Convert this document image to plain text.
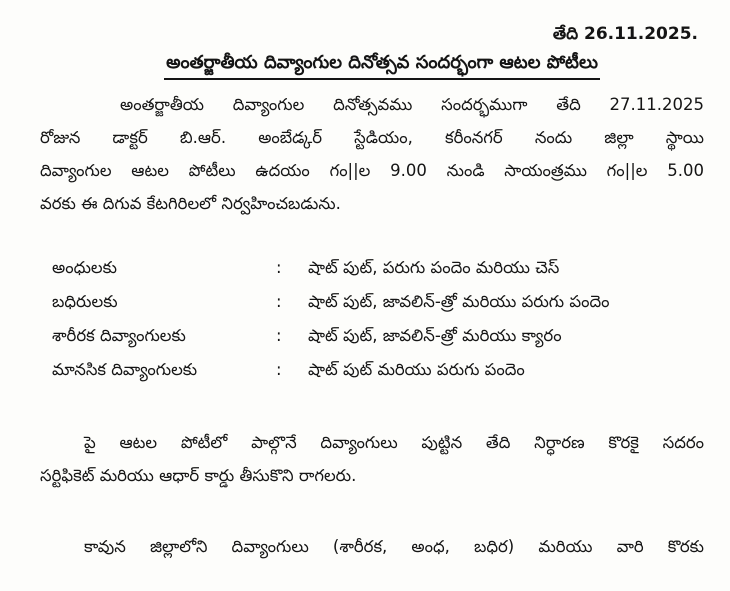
తేది 26.11.2025.
అంతర్జాతీయ దివ్యాంగుల దినోత్సవ సందర్భంగా ఆటల పోటీలు
అంతర్జాతీయ దివ్యాంగుల దినోత్సవము సందర్భముగా తేది 27.11.2025
రోజున డాక్టర్ బి.ఆర్. అంబేడ్కర్ స్టేడియం, కరీంనగర్ నందు జిల్లా స్థాయి
దివ్యాంగుల ఆటల పోటీలు ఉదయం గం||ల 9.00 నుండి సాయంత్రము గం||ల 5.00
వరకు ఈ దిగువ కేటగిరిలలో నిర్వహించబడును.
అంధులకు	: షాట్ పుట్, పరుగు పందెం మరియు చెస్
బధిరులకు	: షాట్ పుట్, జావలిన్-త్రో మరియు పరుగు పందెం
శారీరక దివ్యాంగులకు	: షాట్ పుట్, జావలిన్-త్రో మరియు క్యారం
మానసిక దివ్యాంగులకు	: షాట్ పుట్ మరియు పరుగు పందెం
పై ఆటల పోటీలో పాల్గొనే దివ్యాంగులు పుట్టిన తేది నిర్ధారణ కొరకై సదరం
సర్టిఫికెట్ మరియు ఆధార్ కార్డు తీసుకొని రాగలరు.
కావున జిల్లాలోని దివ్యాంగులు (శారీరక, అంధ, బధిర) మరియు వారి కొరకు
